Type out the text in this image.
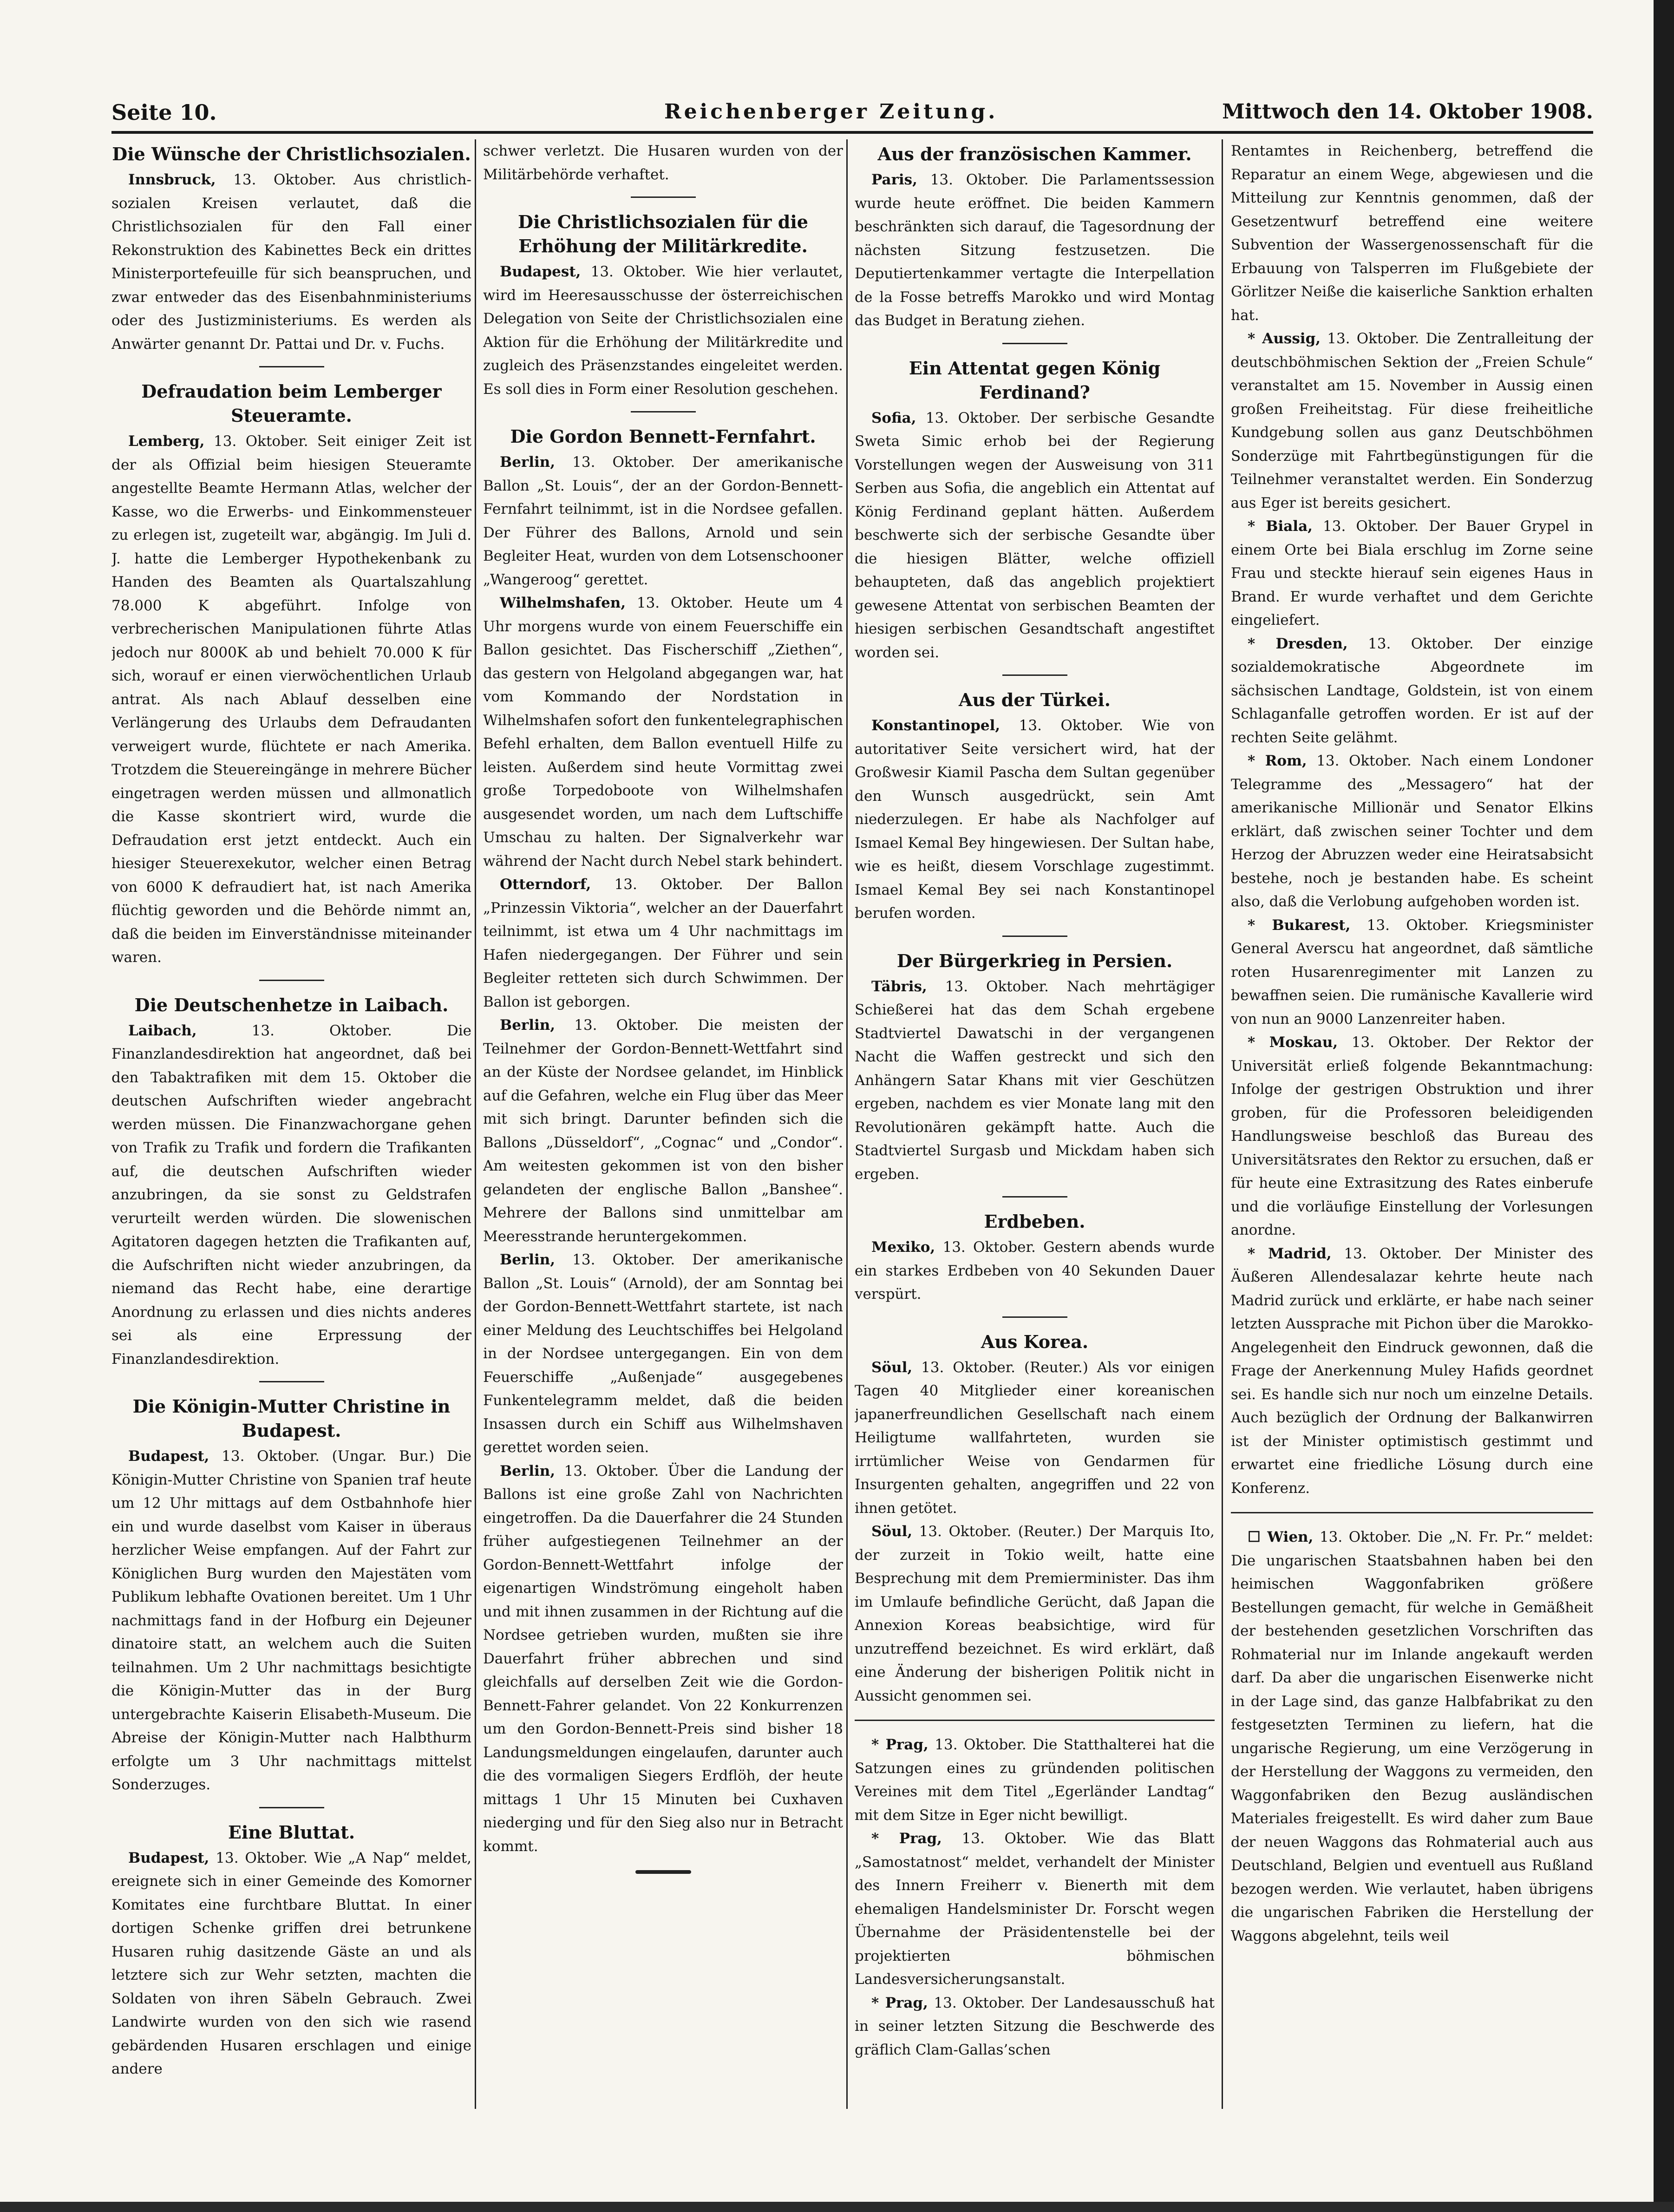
Seite 10.	Reichenberger Zeitung.	Mittwoch den 14. Oktober 1908.
Die Wünsche der Christlichsozialen.

Innsbruck, 13. Oktober. Aus christlich-sozialen Kreisen verlautet, daß die Christlichsozialen für den Fall einer Rekonstruktion des Kabinettes Beck ein drittes Ministerportefeuille für sich beanspruchen, und zwar entweder das des Eisenbahnministeriums oder des Justizministeriums. Es werden als Anwärter genannt Dr. Pattai und Dr. v. Fuchs.

Defraudation beim Lemberger Steueramte.

Lemberg, 13. Oktober. Seit einiger Zeit ist der als Offizial beim hiesigen Steueramte angestellte Beamte Hermann Atlas, welcher der Kasse, wo die Erwerbs- und Einkommensteuer zu erlegen ist, zugeteilt war, abgängig. Im Juli d. J. hatte die Lemberger Hypothekenbank zu Handen des Beamten als Quartalszahlung 78.000 K abgeführt. Infolge von verbrecherischen Manipulationen führte Atlas jedoch nur 8000K ab und behielt 70.000 K für sich, worauf er einen vierwöchentlichen Urlaub antrat. Als nach Ablauf desselben eine Verlängerung des Urlaubs dem Defraudanten verweigert wurde, flüchtete er nach Amerika. Trotzdem die Steuereingänge in mehrere Bücher eingetragen werden müssen und allmonatlich die Kasse skontriert wird, wurde die Defraudation erst jetzt entdeckt. Auch ein hiesiger Steuerexekutor, welcher einen Betrag von 6000 K defraudiert hat, ist nach Amerika flüchtig geworden und die Behörde nimmt an, daß die beiden im Einverständnisse miteinander waren.

Die Deutschenhetze in Laibach.

Laibach,	13. Oktober. Die Finanzlandesdirektion hat angeordnet, daß bei den Tabaktrafiken mit dem 15. Oktober die deutschen Aufschriften wieder angebracht werden müssen. Die Finanzwachorgane gehen von Trafik zu Trafik und fordern die Trafikanten auf, die deutschen Aufschriften wieder anzubringen, da sie sonst zu Geldstrafen verurteilt werden würden. Die slowenischen Agitatoren dagegen hetzten die Trafikanten auf, die Aufschriften nicht wieder anzubringen, da niemand das Recht habe, eine derartige Anordnung zu erlassen und dies nichts anderes sei als eine Erpressung der Finanzlandesdirektion.

Die Königin-Mutter Christine in Budapest.

Budapest, 13. Oktober. (Ungar. Bur.) Die Königin-Mutter Christine von Spanien traf heute um 12 Uhr mittags auf dem Ostbahnhofe hier ein und wurde daselbst vom Kaiser in überaus herzlicher Weise empfangen. Auf der Fahrt zur Königlichen Burg wurden den Majestäten vom Publikum lebhafte Ovationen bereitet. Um 1 Uhr nachmittags fand in der Hofburg ein Dejeuner dinatoire statt, an welchem auch die Suiten teilnahmen. Um 2 Uhr nachmittags besichtigte die Königin-Mutter das in der Burg untergebrachte Kaiserin Elisabeth-Museum. Die Abreise der Königin-Mutter nach Halbthurm erfolgte um 3 Uhr nachmittags mittelst Sonderzuges.

Eine Bluttat.

Budapest, 13. Oktober. Wie „A Nap“ meldet, ereignete sich in einer Gemeinde des Komorner Komitates eine furchtbare Bluttat. In einer dortigen Schenke griffen drei betrunkene Husaren ruhig dasitzende Gäste an und als letztere sich zur Wehr setzten, machten die Soldaten von ihren Säbeln Gebrauch. Zwei Landwirte wurden von den sich wie rasend gebärdenden Husaren erschlagen und einige andere

schwer verletzt. Die Husaren wurden von der Militärbehörde verhaftet.

Die Christlichsozialen für die Erhöhung der Militärkredite.

Budapest, 13. Oktober. Wie hier verlautet, wird im Heeresausschusse der österreichischen Delegation von Seite der Christlichsozialen eine Aktion für die Erhöhung der Militärkredite und zugleich des Präsenzstandes eingeleitet werden. Es soll dies in Form einer Resolution geschehen.

Die Gordon Bennett-Fernfahrt.

Berlin, 13. Oktober. Der amerikanische Ballon „St. Louis“, der an der Gordon-Bennett-Fernfahrt teilnimmt, ist in die Nordsee gefallen. Der Führer des Ballons, Arnold und sein Begleiter Heat, wurden von dem Lotsenschooner „Wangeroog“ gerettet.

Wilhelmshafen, 13. Oktober. Heute um 4 Uhr morgens wurde von einem Feuerschiffe ein Ballon gesichtet. Das Fischerschiff „Ziethen“, das gestern von Helgoland abgegangen war, hat vom Kommando der Nordstation in Wilhelmshafen sofort den funkentelegraphischen Befehl erhalten, dem Ballon eventuell Hilfe zu leisten. Außerdem sind heute Vormittag zwei große Torpedoboote von Wilhelmshafen ausgesendet worden, um nach dem Luftschiffe Umschau zu halten. Der Signalverkehr war während der Nacht durch Nebel stark behindert.

Otterndorf, 13. Oktober. Der Ballon „Prinzessin Viktoria“, welcher an der Dauerfahrt teilnimmt, ist etwa um 4 Uhr nachmittags im Hafen niedergegangen. Der Führer und sein Begleiter retteten sich durch Schwimmen. Der Ballon ist geborgen.

Berlin, 13. Oktober. Die meisten der Teilnehmer der Gordon-Bennett-Wettfahrt sind an der Küste der Nordsee gelandet, im Hinblick auf die Gefahren, welche ein Flug über das Meer mit sich bringt. Darunter befinden sich die Ballons „Düsseldorf“, „Cognac“ und „Condor“. Am weitesten gekommen ist von den bisher gelandeten der englische Ballon „Banshee“. Mehrere der Ballons sind unmittelbar am Meeresstrande heruntergekommen.

Berlin, 13. Oktober. Der amerikanische Ballon „St. Louis“ (Arnold), der am Sonntag bei der Gordon-Bennett-Wettfahrt startete, ist nach einer Meldung des Leuchtschiffes bei Helgoland in der Nordsee untergegangen. Ein von dem Feuerschiffe „Außenjade“ ausgegebenes Funkentelegramm meldet, daß die beiden Insassen durch ein Schiff aus Wilhelmshaven gerettet worden seien.

Berlin, 13. Oktober. Über die Landung der Ballons ist eine große Zahl von Nachrichten eingetroffen. Da die Dauerfahrer die 24 Stunden früher aufgestiegenen Teilnehmer an der Gordon-Bennett-Wettfahrt infolge der eigenartigen Windströmung eingeholt haben und mit ihnen zusammen in der Richtung auf die Nordsee getrieben wurden, mußten sie ihre Dauerfahrt früher abbrechen und sind gleichfalls auf derselben Zeit wie die Gordon-Bennett-Fahrer gelandet. Von 22 Konkurrenzen um den Gordon-Bennett-Preis sind bisher 18 Landungsmeldungen eingelaufen, darunter auch die des vormaligen Siegers Erdflöh, der heute mittags 1 Uhr 15 Minuten bei Cuxhaven niederging und für den Sieg also nur in Betracht kommt.

Aus der französischen Kammer.

Paris, 13. Oktober. Die Parlamentssession wurde heute eröffnet. Die beiden Kammern beschränkten sich darauf, die Tagesordnung der nächsten Sitzung festzusetzen. Die Deputiertenkammer vertagte die Interpellation de la Fosse betreffs Marokko und wird Montag das Budget in Beratung ziehen.

Ein Attentat gegen König Ferdinand?

Sofia, 13. Oktober. Der serbische Gesandte Sweta Simic erhob bei der Regierung Vorstellungen wegen der Ausweisung von 311 Serben aus Sofia, die angeblich ein Attentat auf König Ferdinand geplant hätten. Außerdem beschwerte sich der serbische Gesandte über die hiesigen Blätter, welche offiziell behaupteten, daß das angeblich projektiert gewesene Attentat von serbischen Beamten der hiesigen serbischen Gesandtschaft angestiftet worden sei.

Aus der Türkei.

Konstantinopel, 13. Oktober. Wie von autoritativer Seite versichert wird, hat der Großwesir Kiamil Pascha dem Sultan gegenüber den Wunsch ausgedrückt, sein Amt niederzulegen. Er habe als Nachfolger auf Ismael Kemal Bey hingewiesen. Der Sultan habe, wie es heißt, diesem Vorschlage zugestimmt. Ismael Kemal Bey sei nach Konstantinopel berufen worden.

Der Bürgerkrieg in Persien.

Täbris, 13. Oktober. Nach mehrtägiger Schießerei hat das dem Schah ergebene Stadtviertel Dawatschi in der vergangenen Nacht die Waffen gestreckt und sich den Anhängern Satar Khans mit vier Geschützen ergeben, nachdem es vier Monate lang mit den Revolutionären gekämpft hatte. Auch die Stadtviertel Surgasb und Mickdam haben sich ergeben.

Erdbeben.

Mexiko, 13. Oktober. Gestern abends wurde ein starkes Erdbeben von 40 Sekunden Dauer verspürt.

Aus Korea.

Söul, 13. Oktober. (Reuter.) Als vor einigen Tagen 40 Mitglieder einer koreanischen japanerfreundlichen Gesellschaft nach einem Heiligtume wallfahrteten, wurden sie irrtümlicher Weise von Gendarmen für Insurgenten gehalten, angegriffen und 22 von ihnen getötet.

Söul, 13. Oktober. (Reuter.) Der Marquis Ito, der zurzeit in Tokio weilt, hatte eine Besprechung mit dem Premierminister. Das ihm im Umlaufe befindliche Gerücht, daß Japan die Annexion Koreas beabsichtige, wird für unzutreffend bezeichnet. Es wird erklärt, daß eine Änderung der bisherigen Politik nicht in Aussicht genommen sei.

* Prag, 13. Oktober. Die Statthalterei hat die Satzungen eines zu gründenden politischen Vereines mit dem Titel „Egerländer Landtag“ mit dem Sitze in Eger nicht bewilligt.

* Prag, 13. Oktober. Wie das Blatt „Samostatnost“ meldet, verhandelt der Minister des Innern Freiherr v. Bienerth mit dem ehemaligen Handelsminister Dr. Forscht wegen Übernahme der Präsidentenstelle bei der projektierten böhmischen Landesversicherungsanstalt.

* Prag, 13. Oktober. Der Landesausschuß hat in seiner letzten Sitzung die Beschwerde des gräflich Clam-Gallas’schen

Rentamtes in Reichenberg, betreffend die Reparatur an einem Wege, abgewiesen und die Mitteilung zur Kenntnis genommen, daß der Gesetzentwurf betreffend eine weitere Subvention der Wassergenossenschaft für die Erbauung von Talsperren im Flußgebiete der Görlitzer Neiße die kaiserliche Sanktion erhalten hat.

* Aussig, 13. Oktober. Die Zentralleitung der deutschböhmischen Sektion der „Freien Schule“ veranstaltet am 15. November in Aussig einen großen Freiheitstag. Für diese freiheitliche Kundgebung sollen aus ganz Deutschböhmen Sonderzüge mit Fahrtbegünstigungen für die Teilnehmer veranstaltet werden. Ein Sonderzug aus Eger ist bereits gesichert.

* Biala, 13. Oktober. Der Bauer Grypel in einem Orte bei Biala erschlug im Zorne seine Frau und steckte hierauf sein eigenes Haus in Brand. Er wurde verhaftet und dem Gerichte eingeliefert.

* Dresden, 13. Oktober. Der einzige sozialdemokratische Abgeordnete im sächsischen Landtage, Goldstein, ist von einem Schlaganfalle getroffen worden. Er ist auf der rechten Seite gelähmt.

* Rom, 13. Oktober. Nach einem Londoner Telegramme des „Messagero“ hat der amerikanische Millionär und Senator Elkins erklärt, daß zwischen seiner Tochter und dem Herzog der Abruzzen weder eine Heiratsabsicht bestehe, noch je bestanden habe. Es scheint also, daß die Verlobung aufgehoben worden ist.

* Bukarest, 13. Oktober. Kriegsminister General Averscu hat angeordnet, daß sämtliche roten Husarenregimenter mit Lanzen zu bewaffnen seien. Die rumänische Kavallerie wird von nun an 9000 Lanzenreiter haben.

* Moskau, 13. Oktober. Der Rektor der Universität erließ folgende Bekanntmachung: Infolge der gestrigen Obstruktion und ihrer groben, für die Professoren beleidigenden Handlungsweise beschloß das Bureau des Universitätsrates den Rektor zu ersuchen, daß er für heute eine Extrasitzung des Rates einberufe und die vorläufige Einstellung der Vorlesungen anordne.

* Madrid, 13. Oktober. Der Minister des Äußeren Allendesalazar kehrte heute nach Madrid zurück und erklärte, er habe nach seiner letzten Aussprache mit Pichon über die Marokko-Angelegenheit den Eindruck gewonnen, daß die Frage der Anerkennung Muley Hafids geordnet sei. Es handle sich nur noch um einzelne Details. Auch bezüglich der Ordnung der Balkanwirren ist der Minister optimistisch gestimmt und erwartet eine friedliche Lösung durch eine Konferenz.

☐ Wien, 13. Oktober. Die „N. Fr. Pr.“ meldet: Die ungarischen Staatsbahnen haben bei den heimischen Waggonfabriken größere Bestellungen gemacht, für welche in Gemäßheit der bestehenden gesetzlichen Vorschriften das Rohmaterial nur im Inlande angekauft werden darf. Da aber die ungarischen Eisenwerke nicht in der Lage sind, das ganze Halbfabrikat zu den festgesetzten Terminen zu liefern, hat die ungarische Regierung, um eine Verzögerung in der Herstellung der Waggons zu vermeiden, den Waggonfabriken den Bezug ausländischen Materiales freigestellt. Es wird daher zum Baue der neuen Waggons das Rohmaterial auch aus Deutschland, Belgien und eventuell aus Rußland bezogen werden. Wie verlautet, haben übrigens die ungarischen Fabriken die Herstellung der Waggons abgelehnt, teils weil
